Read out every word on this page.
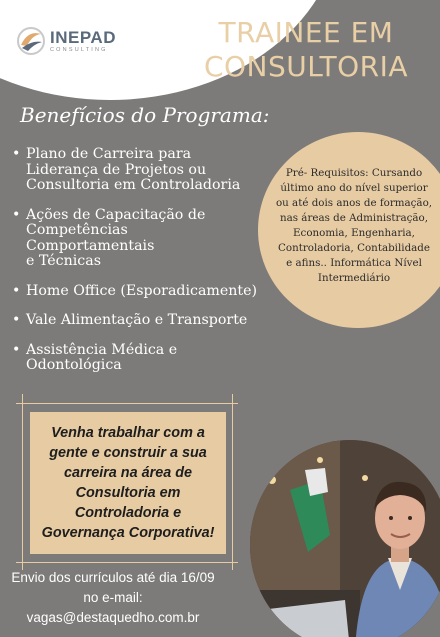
INEPAD
CONSULTING
TRAINEE EM
CONSULTORIA
Benefícios do Programa:
• Plano de Carreira para
Liderança de Projetos ou
Consultoria em Controladoria
• Ações de Capacitação de
Competências
Comportamentais
e Técnicas
• Home Office (Esporadicamente)
• Vale Alimentação e Transporte
• Assistência Médica e
Odontológica
Pré- Requisitos: Cursando
último ano do nível superior
ou até dois anos de formação,
nas áreas de Administração,
Economia, Engenharia,
Controladoria, Contabilidade
e afins.. Informática Nível
Intermediário
Venha trabalhar com a
gente e construir a sua
carreira na área de
Consultoria em
Controladoria e
Governança Corporativa!
Envio dos currículos até dia 16/09
no e-mail:
vagas@destaquedho.com.br
